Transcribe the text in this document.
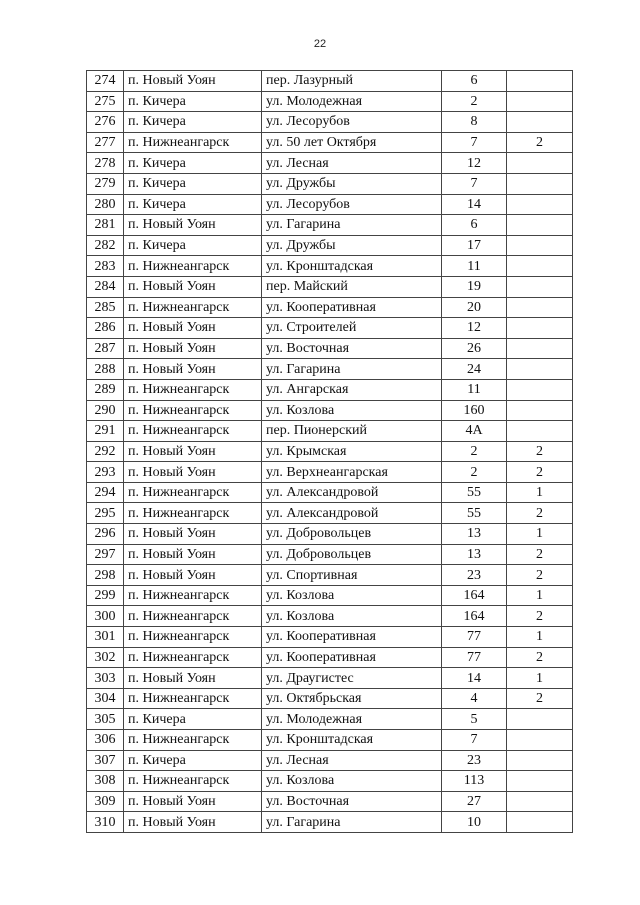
22
274	п. Новый Уоян	пер. Лазурный	6	
275	п. Кичера	ул. Молодежная	2	
276	п. Кичера	ул. Лесорубов	8	
277	п. Нижнеангарск	ул. 50 лет Октября	7	2
278	п. Кичера	ул. Лесная	12	
279	п. Кичера	ул. Дружбы	7	
280	п. Кичера	ул. Лесорубов	14	
281	п. Новый Уоян	ул. Гагарина	6	
282	п. Кичера	ул. Дружбы	17	
283	п. Нижнеангарск	ул. Кронштадская	11	
284	п. Новый Уоян	пер. Майский	19	
285	п. Нижнеангарск	ул. Кооперативная	20	
286	п. Новый Уоян	ул. Строителей	12	
287	п. Новый Уоян	ул. Восточная	26	
288	п. Новый Уоян	ул. Гагарина	24	
289	п. Нижнеангарск	ул. Ангарская	11	
290	п. Нижнеангарск	ул. Козлова	160	
291	п. Нижнеангарск	пер. Пионерский	4А	
292	п. Новый Уоян	ул. Крымская	2	2
293	п. Новый Уоян	ул. Верхнеангарская	2	2
294	п. Нижнеангарск	ул. Александровой	55	1
295	п. Нижнеангарск	ул. Александровой	55	2
296	п. Новый Уоян	ул. Добровольцев	13	1
297	п. Новый Уоян	ул. Добровольцев	13	2
298	п. Новый Уоян	ул. Спортивная	23	2
299	п. Нижнеангарск	ул. Козлова	164	1
300	п. Нижнеангарск	ул. Козлова	164	2
301	п. Нижнеангарск	ул. Кооперативная	77	1
302	п. Нижнеангарск	ул. Кооперативная	77	2
303	п. Новый Уоян	ул. Драугистес	14	1
304	п. Нижнеангарск	ул. Октябрьская	4	2
305	п. Кичера	ул. Молодежная	5	
306	п. Нижнеангарск	ул. Кронштадская	7	
307	п. Кичера	ул. Лесная	23	
308	п. Нижнеангарск	ул. Козлова	113	
309	п. Новый Уоян	ул. Восточная	27	
310	п. Новый Уоян	ул. Гагарина	10	
